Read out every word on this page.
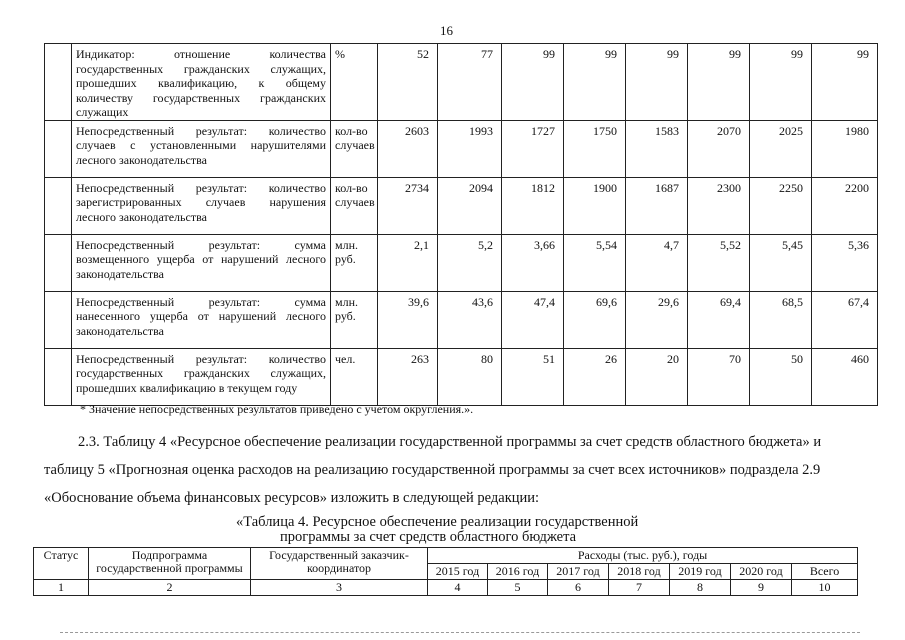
16
	Индикатор: отношение количества государственных гражданских служащих, прошедших квалификацию, к общему количеству государственных гражданских служащих	%	52	77	99	99	99	99	99	99
	Непосредственный результат: количество случаев с установленными нарушителями лесного законодательства	кол-во случаев	2603	1993	1727	1750	1583	2070	2025	1980
	Непосредственный результат: количество зарегистрированных случаев нарушения лесного законодательства	кол-во случаев	2734	2094	1812	1900	1687	2300	2250	2200
	Непосредственный результат: сумма возмещенного ущерба от нарушений лесного законодательства	млн. руб.	2,1	5,2	3,66	5,54	4,7	5,52	5,45	5,36
	Непосредственный результат: сумма нанесенного ущерба от нарушений лесного законодательства	млн. руб.	39,6	43,6	47,4	69,6	29,6	69,4	68,5	67,4
	Непосредственный результат: количество государственных гражданских служащих, прошедших квалификацию в текущем году	чел.	263	80	51	26	20	70	50	460
* Значение непосредственных результатов приведено с учетом округления.».
2.3. Таблицу 4 «Ресурсное обеспечение реализации государственной программы за счет средств областного бюджета» и
таблицу 5 «Прогнозная оценка расходов на реализацию государственной программы за счет всех источников» подраздела 2.9
«Обоснование объема финансовых ресурсов» изложить в следующей редакции:
«Таблица 4. Ресурсное обеспечение реализации государственной
программы за счет средств областного бюджета
Статус	Подпрограмма государственной программы	Государственный заказчик-координатор	Расходы (тыс. руб.), годы						
			2015 год	2016 год	2017 год	2018 год	2019 год	2020 год	Всего
1	2	3	4	5	6	7	8	9	10
